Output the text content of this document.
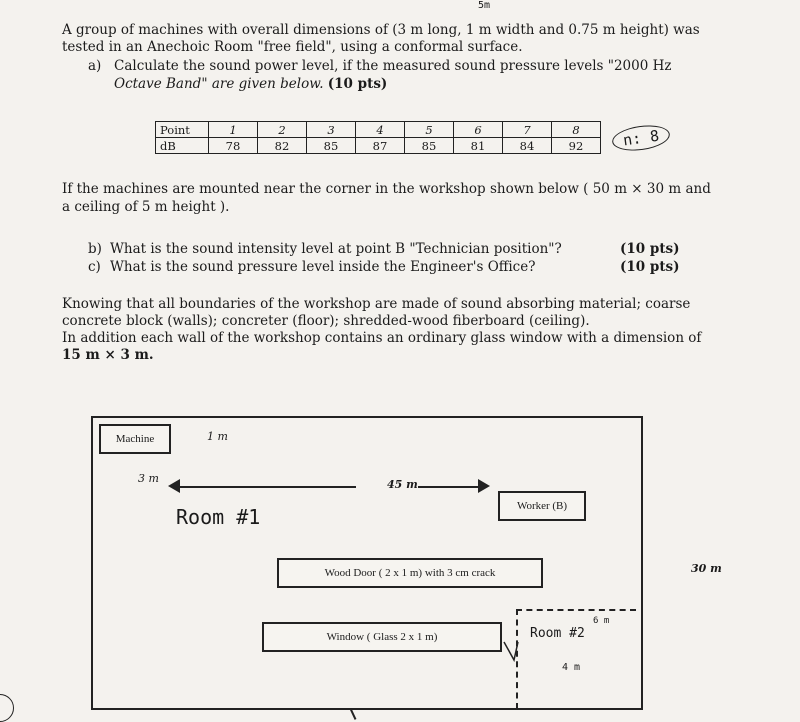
5m
A group of machines with overall dimensions of (3 m long, 1 m width and 0.75 m height) was
tested in an Anechoic Room "free field", using a conformal surface.
a) Calculate the sound power level, if the measured sound pressure levels "2000 Hz
Octave Band" are given below. (10 pts)
Point	1	2	3	4	5	6	7	8
dB	78	82	85	87	85	81	84	92	n: 8
If the machines are mounted near the corner in the workshop shown below ( 50 m × 30 m and
a ceiling of 5 m height ).
b) What is the sound intensity level at point B "Technician position"?	(10 pts)
c) What is the sound pressure level inside the Engineer's Office?	(10 pts)
Knowing that all boundaries of the workshop are made of sound absorbing material; coarse
concrete block (walls); concreter (floor); shredded-wood fiberboard (ceiling).
In addition each wall of the workshop contains an ordinary glass window with a dimension of
15 m × 3 m.
Machine	1 m
3 m	45 m
Room #1	Worker (B)
Wood Door ( 2 x 1 m) with 3 cm crack	30 m
Window ( Glass 2 x 1 m)	Room #2
6 m
4 m
